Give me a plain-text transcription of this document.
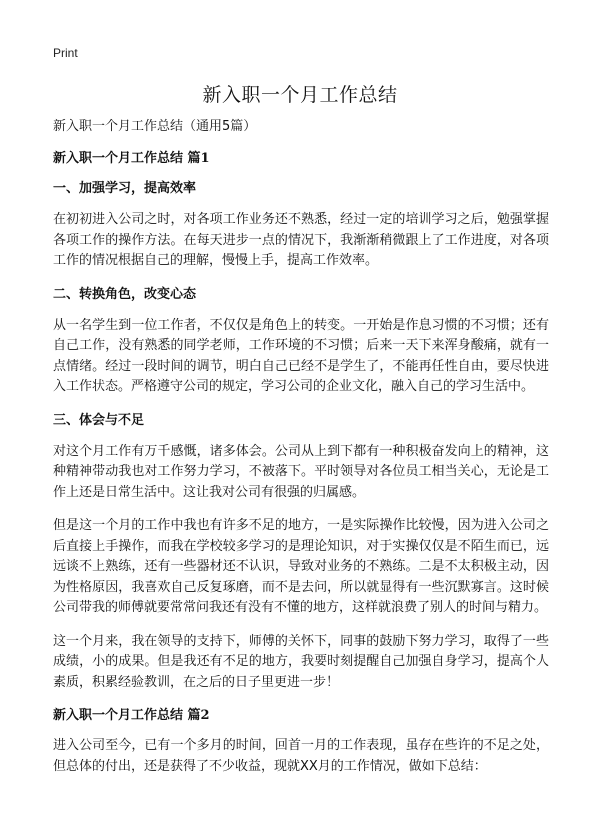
Print
新入职一个月工作总结

新入职一个月工作总结（通用5篇）

新入职一个月工作总结 篇1

一、加强学习，提高效率

在初初进入公司之时，对各项工作业务还不熟悉，经过一定的培训学习之后，勉强掌握各项工作的操作方法。在每天进步一点的情况下，我渐渐稍微跟上了工作进度，对各项工作的情况根据自己的理解，慢慢上手，提高工作效率。

二、转换角色，改变心态

从一名学生到一位工作者，不仅仅是角色上的转变。一开始是作息习惯的不习惯；还有自己工作，没有熟悉的同学老师，工作环境的不习惯；后来一天下来浑身酸痛，就有一点情绪。经过一段时间的调节，明白自己已经不是学生了，不能再任性自由，要尽快进入工作状态。严格遵守公司的规定，学习公司的企业文化，融入自己的学习生活中。

三、体会与不足

对这个月工作有万千感慨，诸多体会。公司从上到下都有一种积极奋发向上的精神，这种精神带动我也对工作努力学习，不被落下。平时领导对各位员工相当关心，无论是工作上还是日常生活中。这让我对公司有很强的归属感。

但是这一个月的工作中我也有许多不足的地方，一是实际操作比较慢，因为进入公司之后直接上手操作，而我在学校较多学习的是理论知识，对于实操仅仅是不陌生而已，远远谈不上熟练，还有一些器材还不认识，导致对业务的不熟练。二是不太积极主动，因为性格原因，我喜欢自己反复琢磨，而不是去问，所以就显得有一些沉默寡言。这时候公司带我的师傅就要常常问我还有没有不懂的地方，这样就浪费了别人的时间与精力。

这一个月来，我在领导的支持下，师傅的关怀下，同事的鼓励下努力学习，取得了一些成绩，小的成果。但是我还有不足的地方，我要时刻提醒自己加强自身学习，提高个人素质，积累经验教训，在之后的日子里更进一步！

新入职一个月工作总结 篇2

进入公司至今，已有一个多月的时间，回首一月的工作表现，虽存在些许的不足之处，但总体的付出，还是获得了不少收益，现就XX月的工作情况，做如下总结：
